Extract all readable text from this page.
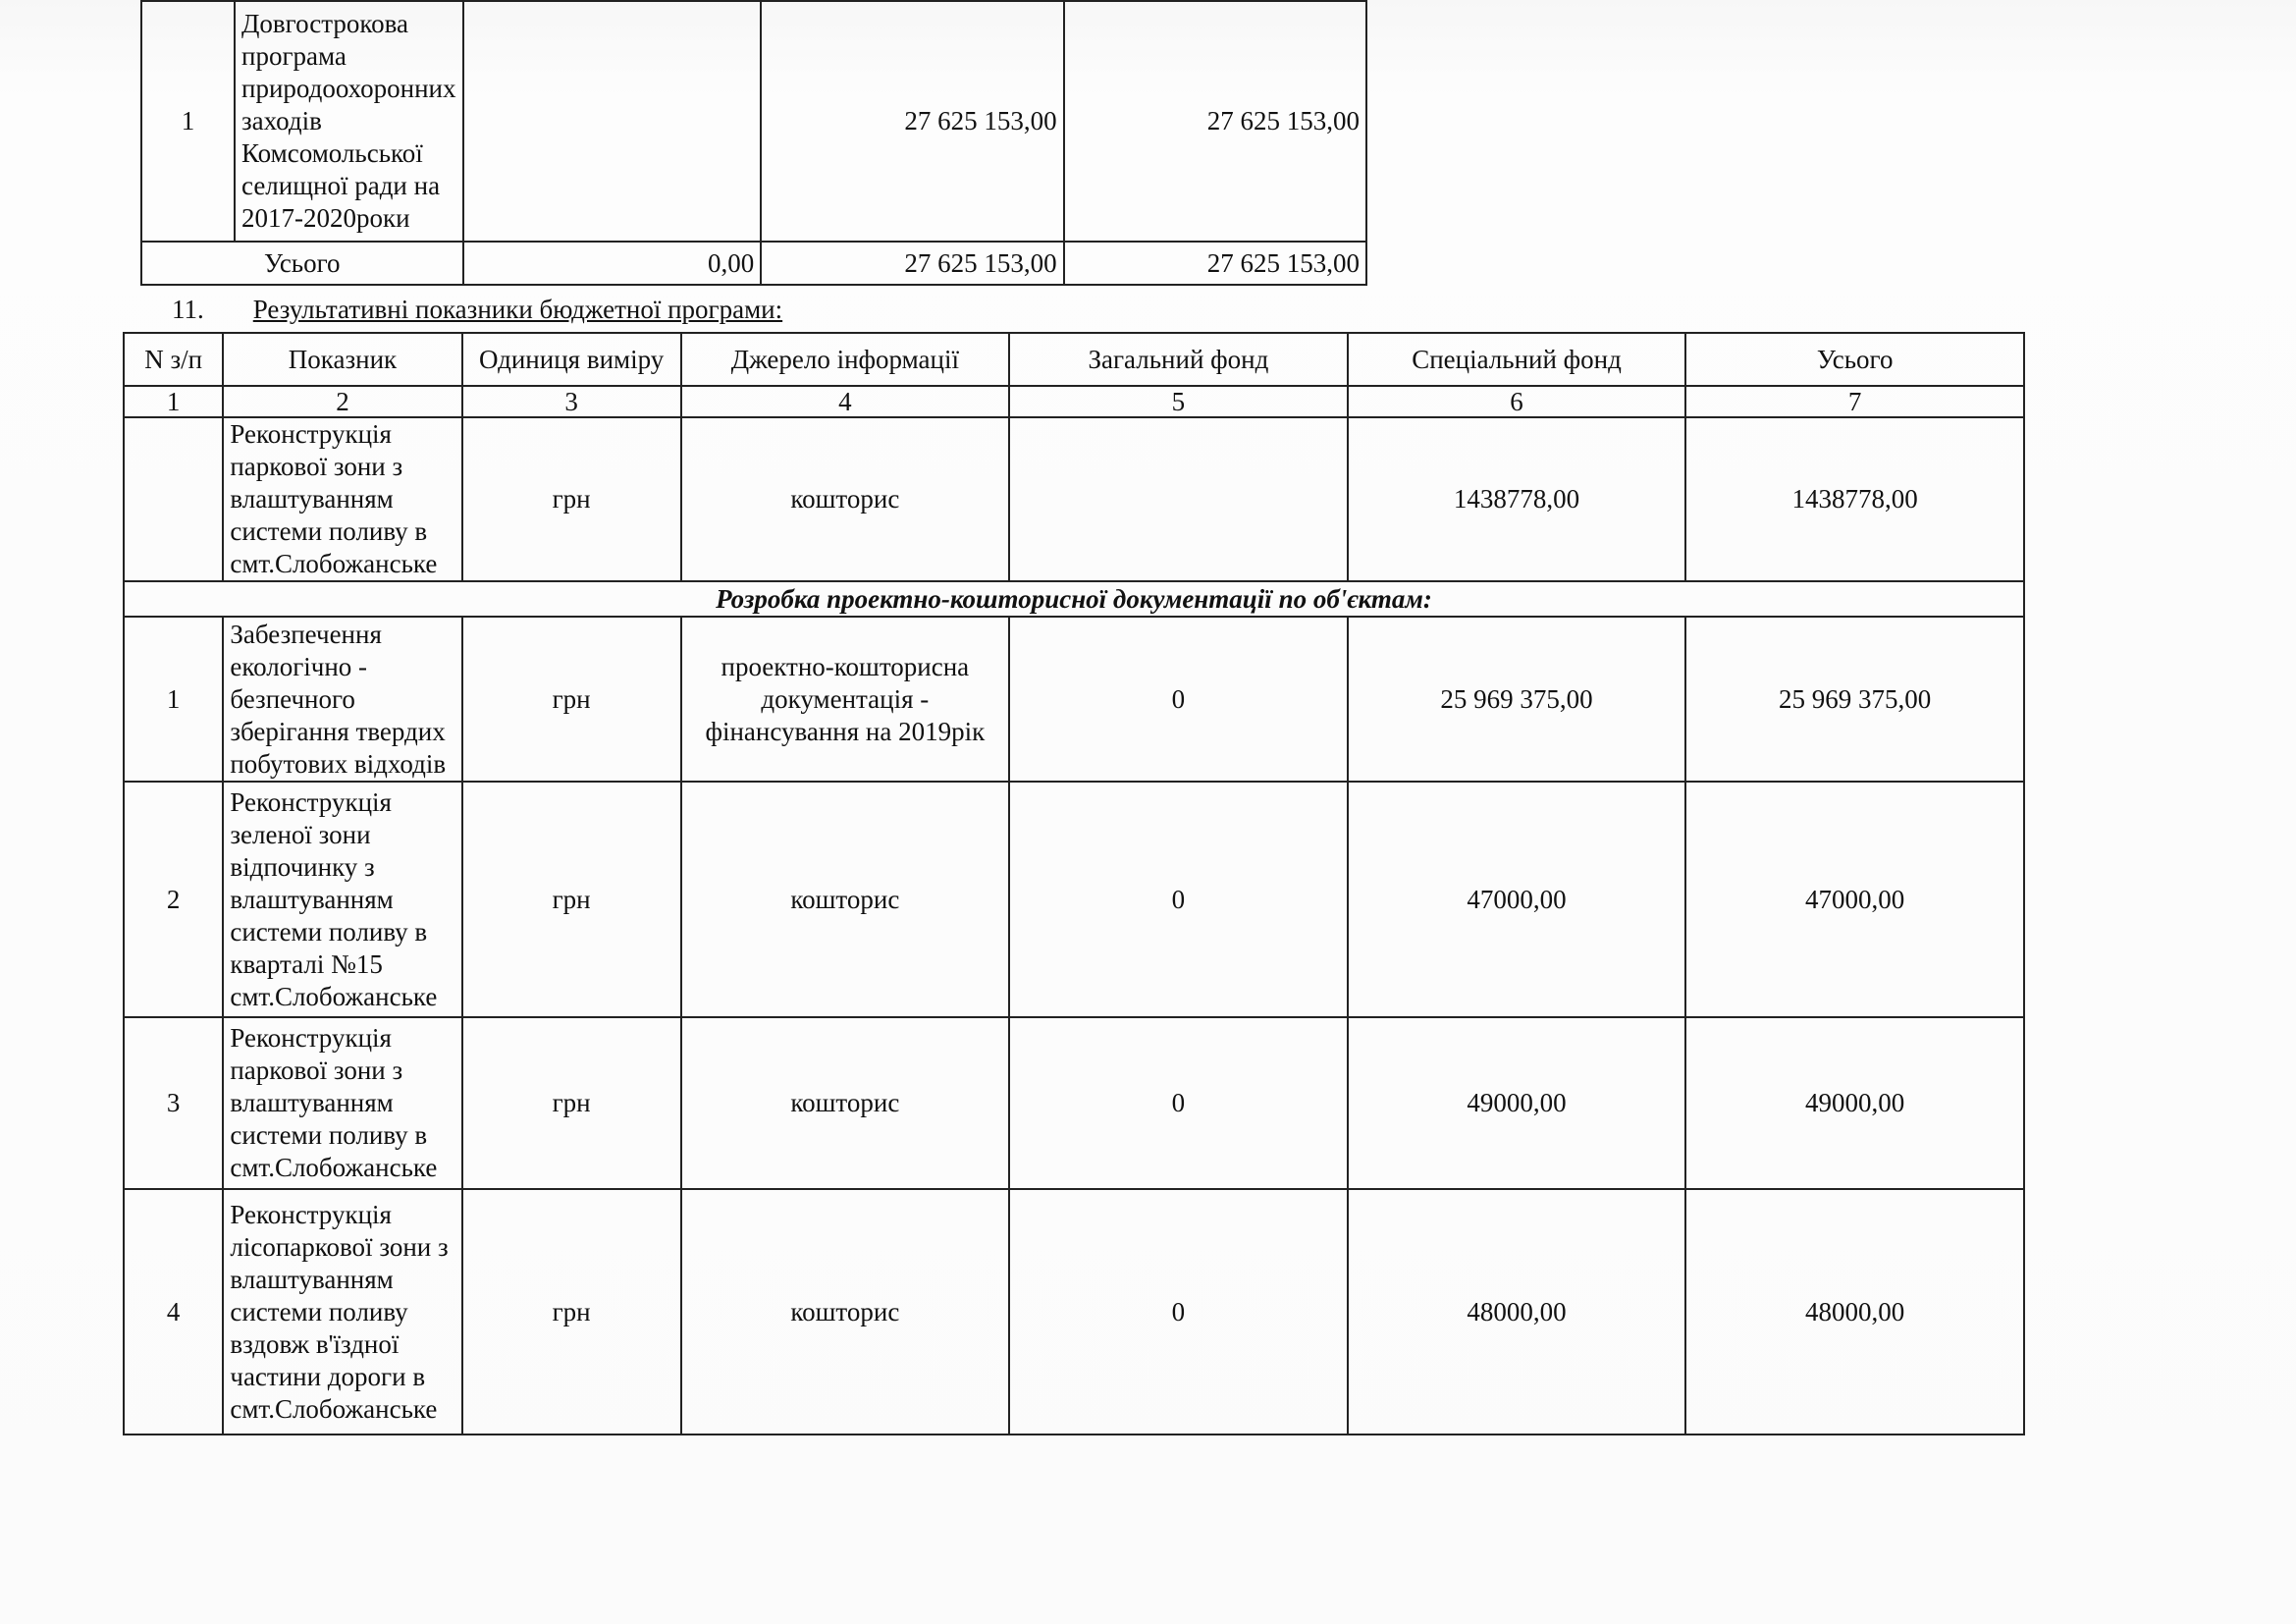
1	Довгострокова програма природоохоронних заходів Комсомольської селищної ради на 2017-2020роки		27 625 153,00	27 625 153,00
Усього		0,00	27 625 153,00	27 625 153,00
11. Результативні показники бюджетної програми:
N з/п	Показник	Одиниця виміру	Джерело інформації	Загальний фонд	Спеціальний фонд	Усього
1	2	3	4	5	6	7
	Реконструкція паркової зони з влаштуванням системи поливу в смт.Слобожанське	грн	кошторис		1438778,00	1438778,00
Розробка проектно-кошторисної документації по об'єктам:						
1	Забезпечення екологічно - безпечного зберігання твердих побутових відходів	грн	проектно-кошторисна документація - фінансування на 2019рік	0	25 969 375,00	25 969 375,00
2	Реконструкція зеленої зони відпочинку з влаштуванням системи поливу в кварталі №15 смт.Слобожанське	грн	кошторис	0	47000,00	47000,00
3	Реконструкція паркової зони з влаштуванням системи поливу в смт.Слобожанське	грн	кошторис	0	49000,00	49000,00
4	Реконструкція лісопаркової зони з влаштуванням системи поливу вздовж в'їздної частини дороги в смт.Слобожанське	грн	кошторис	0	48000,00	48000,00
